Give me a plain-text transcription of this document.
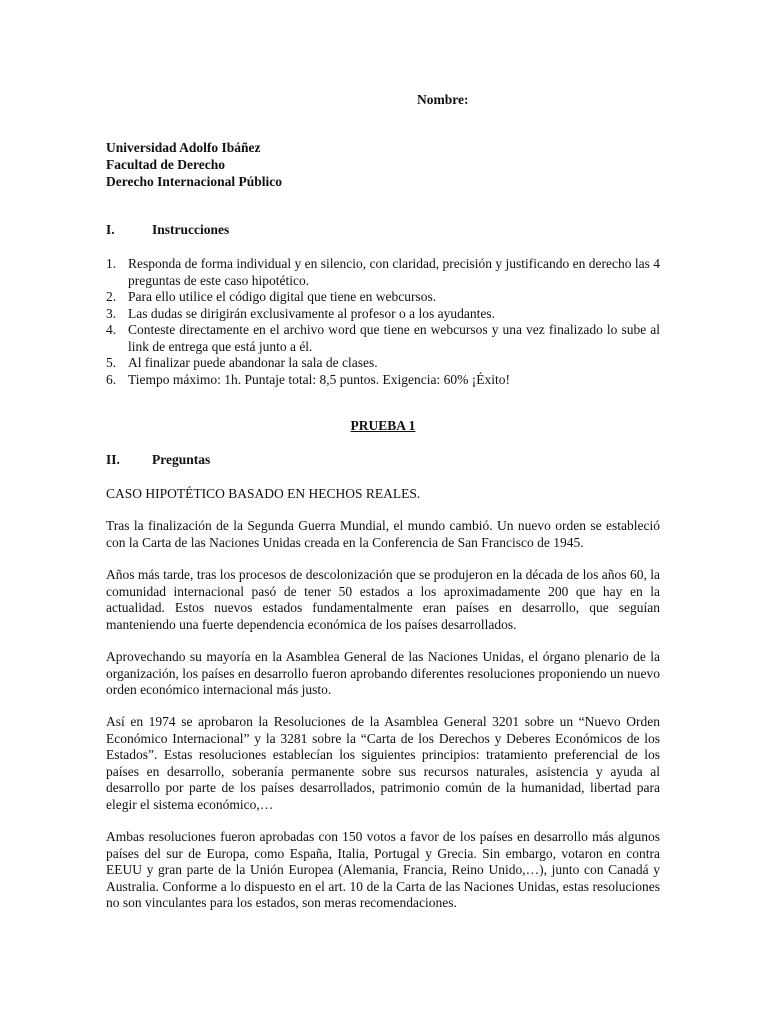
Nombre:
Universidad Adolfo Ibáñez
Facultad de Derecho
Derecho Internacional Público
I.	Instrucciones
1. Responda de forma individual y en silencio, con claridad, precisión y justificando en derecho las 4 preguntas de este caso hipotético.
2. Para ello utilice el código digital que tiene en webcursos.
3. Las dudas se dirigirán exclusivamente al profesor o a los ayudantes.
4. Conteste directamente en el archivo word que tiene en webcursos y una vez finalizado lo sube al link de entrega que está junto a él.
5. Al finalizar puede abandonar la sala de clases.
6. Tiempo máximo: 1h. Puntaje total: 8,5 puntos. Exigencia: 60% ¡Éxito!
PRUEBA 1
II. Preguntas
CASO HIPOTÉTICO BASADO EN HECHOS REALES.
Tras la finalización de la Segunda Guerra Mundial, el mundo cambió. Un nuevo orden se estableció con la Carta de las Naciones Unidas creada en la Conferencia de San Francisco de 1945.
Años más tarde, tras los procesos de descolonización que se produjeron en la década de los años 60, la comunidad internacional pasó de tener 50 estados a los aproximadamente 200 que hay en la actualidad. Estos nuevos estados fundamentalmente eran países en desarrollo, que seguían manteniendo una fuerte dependencia económica de los países desarrollados.
Aprovechando su mayoría en la Asamblea General de las Naciones Unidas, el órgano plenario de la organización, los países en desarrollo fueron aprobando diferentes resoluciones proponiendo un nuevo orden económico internacional más justo.
Así en 1974 se aprobaron la Resoluciones de la Asamblea General 3201 sobre un “Nuevo Orden Económico Internacional” y la 3281 sobre la “Carta de los Derechos y Deberes Económicos de los Estados”. Estas resoluciones establecían los siguientes principios: tratamiento preferencial de los países en desarrollo, soberanía permanente sobre sus recursos naturales, asistencia y ayuda al desarrollo por parte de los países desarrollados, patrimonio común de la humanidad, libertad para elegir el sistema económico,…
Ambas resoluciones fueron aprobadas con 150 votos a favor de los países en desarrollo más algunos países del sur de Europa, como España, Italia, Portugal y Grecia. Sin embargo, votaron en contra EEUU y gran parte de la Unión Europea (Alemania, Francia, Reino Unido,…), junto con Canadá y Australia. Conforme a lo dispuesto en el art. 10 de la Carta de las Naciones Unidas, estas resoluciones no son vinculantes para los estados, son meras recomendaciones.
